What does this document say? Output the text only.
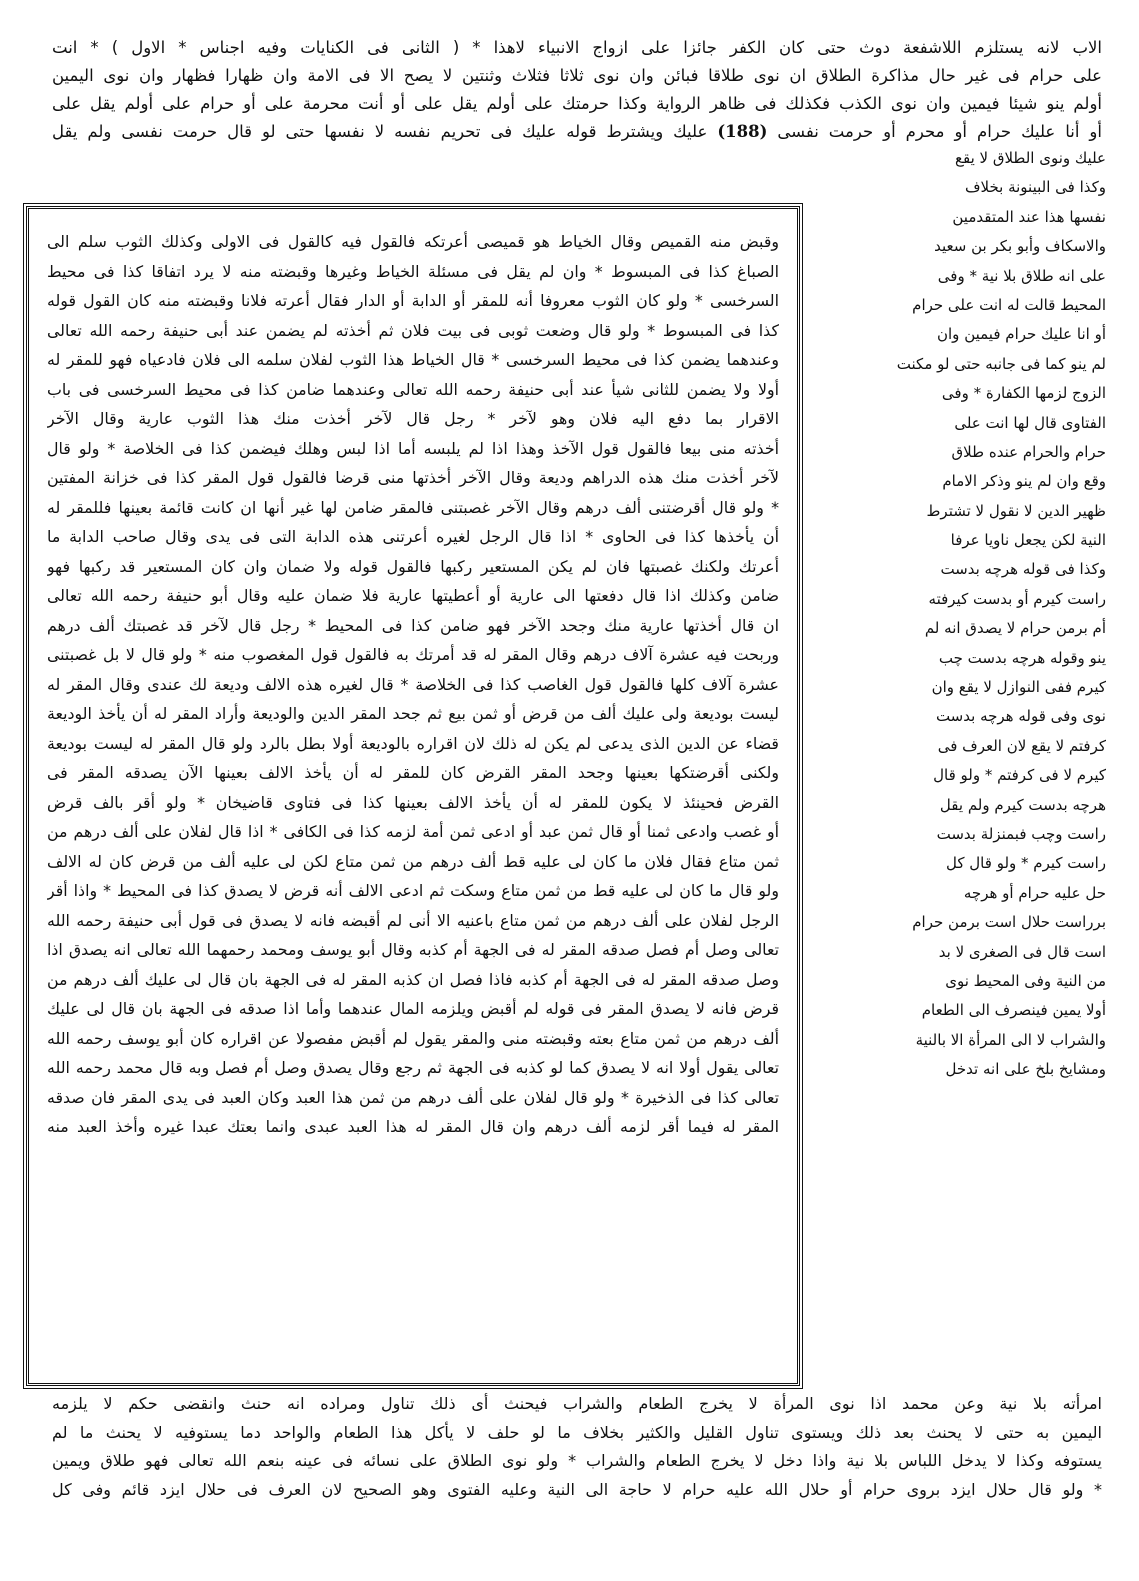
الاب لانه يستلزم اللاشفعة دوث حتى كان الكفر جائزا على ازواج الانبياء لاهذا * ( الثانى فى الكنايات وفيه اجناس * الاول ) * انت
على حرام فى غير حال مذاكرة الطلاق ان نوى طلاقا فبائن وان نوى ثلاثا فثلاث وثنتين لا يصح الا فى الامة وان ظهارا فظهار وان نوى اليمين
أولم ينو شيئا فيمين وان نوى الكذب فكذلك فى ظاهر الرواية وكذا حرمتك على أولم يقل على أو أنت محرمة على أو حرام على أولم يقل على
أو أنا عليك حرام أو محرم أو حرمت نفسى (188) عليك ويشترط قوله عليك فى تحريم نفسه لا نفسها حتى لو قال حرمت نفسى ولم يقل
عليك ونوى الطلاق لا يقع
وكذا فى البينونة بخلاف
نفسها هذا عند المتقدمين
والاسكاف وأبو بكر بن سعيد
على انه طلاق بلا نية * وفى
المحيط قالت له انت على حرام
أو انا عليك حرام فيمين وان
لم ينو كما فى جانبه حتى لو مكنت
الزوج لزمها الكفارة * وفى
الفتاوى قال لها انت على
حرام والحرام عنده طلاق
وقع وان لم ينو وذكر الامام
ظهير الدين لا نقول لا تشترط
النية لكن يجعل ناويا عرفا
وكذا فى قوله هرچه بدست
راست كيرم أو بدست كيرفته
أم برمن حرام لا يصدق انه لم
ينو وقوله هرچه بدست چب
كيرم ففى النوازل لا يقع وان
نوى وفى قوله هرچه بدست
كرفتم لا يقع لان العرف فى
كيرم لا فى كرفتم * ولو قال
هرچه بدست كيرم ولم يقل
راست وچب فبمنزلة بدست
راست كيرم * ولو قال كل
حل عليه حرام أو هرچه
برراست حلال است برمن حرام
است قال فى الصغرى لا بد
من النية وفى المحيط نوى
أولا يمين فينصرف الى الطعام
والشراب لا الى المرأة الا بالنية
ومشايخ بلخ على انه تدخل
وقبض منه القميص وقال الخياط هو قميصى أعرتكه فالقول فيه كالقول فى الاولى وكذلك الثوب سلم الى
الصباغ كذا فى المبسوط * وان لم يقل فى مسئلة الخياط وغيرها وقبضته منه لا يرد اتفاقا كذا فى محيط
السرخسى * ولو كان الثوب معروفا أنه للمقر أو الدابة أو الدار فقال أعرته فلانا وقبضته منه كان القول قوله
كذا فى المبسوط * ولو قال وضعت ثوبى فى بيت فلان ثم أخذته لم يضمن عند أبى حنيفة رحمه الله تعالى
وعندهما يضمن كذا فى محيط السرخسى * قال الخياط هذا الثوب لفلان سلمه الى فلان فادعياه فهو للمقر له
أولا ولا يضمن للثانى شيأ عند أبى حنيفة رحمه الله تعالى وعندهما ضامن كذا فى محيط السرخسى فى باب
الاقرار بما دفع اليه فلان وهو لآخر * رجل قال لآخر أخذت منك هذا الثوب عارية وقال الآخر
أخذته منى بيعا فالقول قول الآخذ وهذا اذا لم يلبسه أما اذا لبس وهلك فيضمن كذا فى الخلاصة * ولو قال
لآخر أخذت منك هذه الدراهم وديعة وقال الآخر أخذتها منى قرضا فالقول قول المقر كذا فى خزانة المفتين
* ولو قال أقرضتنى ألف درهم وقال الآخر غصبتنى فالمقر ضامن لها غير أنها ان كانت قائمة بعينها فللمقر له
أن يأخذها كذا فى الحاوى * اذا قال الرجل لغيره أعرتنى هذه الدابة التى فى يدى وقال صاحب الدابة ما
أعرتك ولكنك غصبتها فان لم يكن المستعير ركبها فالقول قوله ولا ضمان وان كان المستعير قد ركبها فهو
ضامن وكذلك اذا قال دفعتها الى عارية أو أعطيتها عارية فلا ضمان عليه وقال أبو حنيفة رحمه الله تعالى
ان قال أخذتها عارية منك وجحد الآخر فهو ضامن كذا فى المحيط * رجل قال لآخر قد غصبتك ألف درهم
وربحت فيه عشرة آلاف درهم وقال المقر له قد أمرتك به فالقول قول المغصوب منه * ولو قال لا بل غصبتنى
عشرة آلاف كلها فالقول قول الغاصب كذا فى الخلاصة * قال لغيره هذه الالف وديعة لك عندى وقال المقر له
ليست بوديعة ولى عليك ألف من قرض أو ثمن بيع ثم جحد المقر الدين والوديعة وأراد المقر له أن يأخذ الوديعة
قضاء عن الدين الذى يدعى لم يكن له ذلك لان اقراره بالوديعة أولا بطل بالرد ولو قال المقر له ليست بوديعة
ولكنى أقرضتكها بعينها وجحد المقر القرض كان للمقر له أن يأخذ الالف بعينها الآن يصدقه المقر فى
القرض فحينئذ لا يكون للمقر له أن يأخذ الالف بعينها كذا فى فتاوى قاضيخان * ولو أقر بالف قرض
أو غصب وادعى ثمنا أو قال ثمن عبد أو ادعى ثمن أمة لزمه كذا فى الكافى * اذا قال لفلان على ألف درهم من
ثمن متاع فقال فلان ما كان لى عليه قط ألف درهم من ثمن متاع لكن لى عليه ألف من قرض كان له الالف
ولو قال ما كان لى عليه قط من ثمن متاع وسكت ثم ادعى الالف أنه قرض لا يصدق كذا فى المحيط * واذا أقر
الرجل لفلان على ألف درهم من ثمن متاع باعنيه الا أنى لم أقبضه فانه لا يصدق فى قول أبى حنيفة رحمه الله
تعالى وصل أم فصل صدقه المقر له فى الجهة أم كذبه وقال أبو يوسف ومحمد رحمهما الله تعالى انه يصدق اذا
وصل صدقه المقر له فى الجهة أم كذبه فاذا فصل ان كذبه المقر له فى الجهة بان قال لى عليك ألف درهم من
قرض فانه لا يصدق المقر فى قوله لم أقبض ويلزمه المال عندهما وأما اذا صدقه فى الجهة بان قال لى عليك
ألف درهم من ثمن متاع بعته وقبضته منى والمقر يقول لم أقبض مفصولا عن اقراره كان أبو يوسف رحمه الله
تعالى يقول أولا انه لا يصدق كما لو كذبه فى الجهة ثم رجع وقال يصدق وصل أم فصل وبه قال محمد رحمه الله
تعالى كذا فى الذخيرة * ولو قال لفلان على ألف درهم من ثمن هذا العبد وكان العبد فى يدى المقر فان صدقه
المقر له فيما أقر لزمه ألف درهم وان قال المقر له هذا العبد عبدى وانما بعتك عبدا غيره وأخذ العبد منه
امرأته بلا نية وعن محمد اذا نوى المرأة لا يخرج الطعام والشراب فيحنث أى ذلك تناول ومراده انه حنث وانقضى حكم لا يلزمه
اليمين به حتى لا يحنث بعد ذلك ويستوى تناول القليل والكثير بخلاف ما لو حلف لا يأكل هذا الطعام والواحد دما يستوفيه لا يحنث ما لم
يستوفه وكذا لا يدخل اللباس بلا نية واذا دخل لا يخرج الطعام والشراب * ولو نوى الطلاق على نسائه فى عينه بنعم الله تعالى فهو طلاق ويمين
* ولو قال حلال ايزد بروى حرام أو حلال الله عليه حرام لا حاجة الى النية وعليه الفتوى وهو الصحيح لان العرف فى حلال ايزد قائم وفى كل
